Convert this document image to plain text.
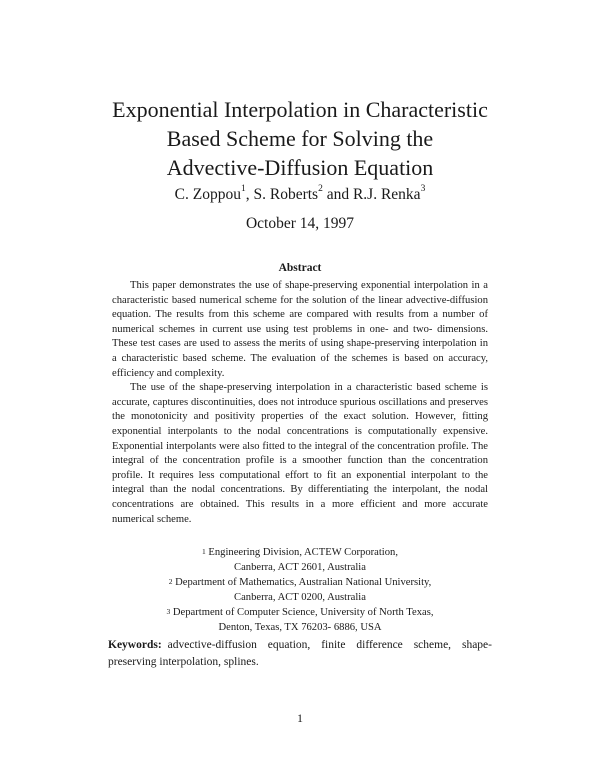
Exponential Interpolation in Characteristic
Based Scheme for Solving the
Advective-Diffusion Equation
C. Zoppou$^1$, S. Roberts$^2$ and R.J. Renka$^3$
October 14, 1997
Abstract

This paper demonstrates the use of shape-preserving exponential interpolation in a characteristic based numerical scheme for the solution of the linear advective-diffusion equation. The results from this scheme are compared with results from a number of numerical schemes in current use using test problems in one- and two- dimensions. These test cases are used to assess the merits of using shape-preserving interpolation in a characteristic based scheme. The evaluation of the schemes is based on accuracy, efficiency and complexity.

The use of the shape-preserving interpolation in a characteristic based scheme is accurate, captures discontinuities, does not introduce spurious oscillations and preserves the monotonicity and positivity properties of the exact solution. However, fitting exponential interpolants to the nodal concentrations is computationally expensive. Exponential interpolants were also fitted to the integral of the concentration profile. The integral of the concentration profile is a smoother function than the concentration profile. It requires less computational effort to fit an exponential interpolant to the integral than the nodal concentrations. By differentiating the interpolant, the nodal concentrations are obtained. This results in a more efficient and more accurate numerical scheme.

$^1$ Engineering Division, ACTEW Corporation,
Canberra, ACT 2601, Australia
$^2$ Department of Mathematics, Australian National University,
Canberra, ACT 0200, Australia
$^3$ Department of Computer Science, University of North Texas,
Denton, Texas, TX 76203- 6886, USA
Keywords: advective-diffusion equation, finite difference scheme, shape-preserving interpolation, splines.
1
